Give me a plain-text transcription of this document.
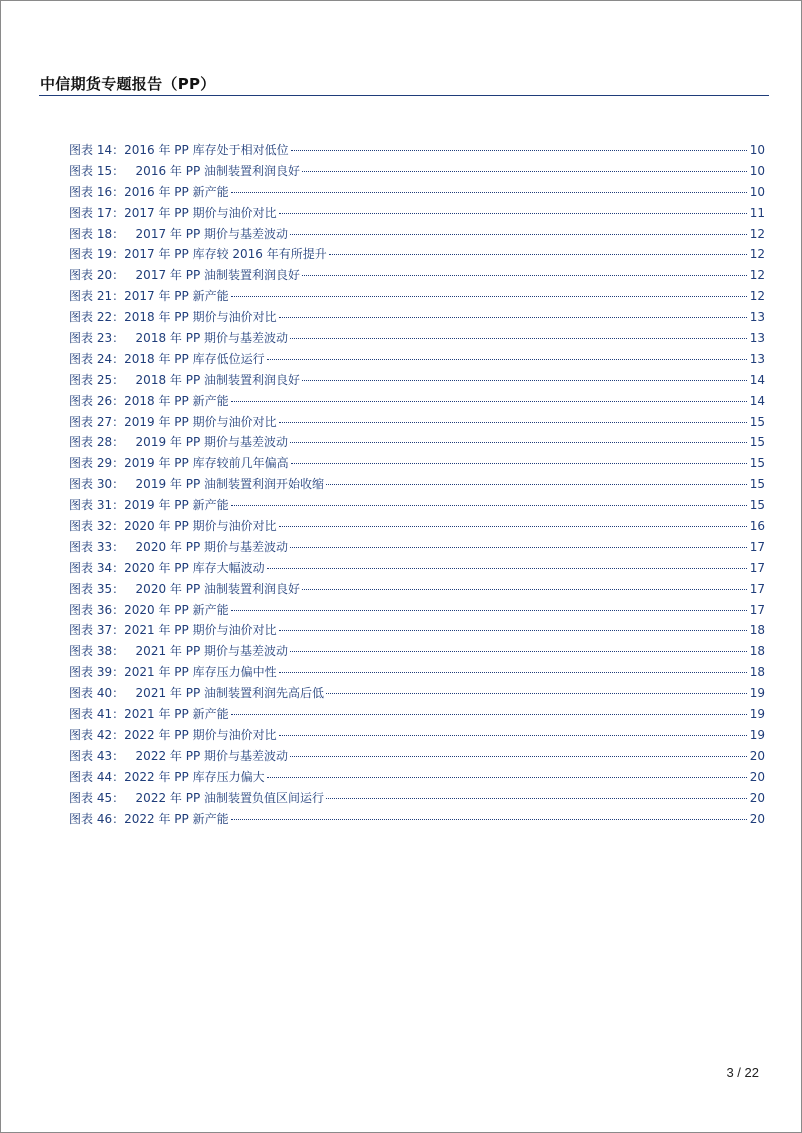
中信期货专题报告（PP）
图表 14 ： 2016 年 PP 库存处于相对低位	10
图表 15 ： 2016 年 PP 油制装置利润良好	10
图表 16 ： 2016 年 PP 新产能	10
图表 17 ： 2017 年 PP 期价与油价对比	11
图表 18 ： 2017 年 PP 期价与基差波动	12
图表 19 ： 2017 年 PP 库存较 2016 年有所提升	12
图表 20 ： 2017 年 PP 油制装置利润良好	12
图表 21 ： 2017 年 PP 新产能	12
图表 22 ： 2018 年 PP 期价与油价对比	13
图表 23 ： 2018 年 PP 期价与基差波动	13
图表 24 ： 2018 年 PP 库存低位运行	13
图表 25 ： 2018 年 PP 油制装置利润良好	14
图表 26 ： 2018 年 PP 新产能	14
图表 27 ： 2019 年 PP 期价与油价对比	15
图表 28 ： 2019 年 PP 期价与基差波动	15
图表 29 ： 2019 年 PP 库存较前几年偏高	15
图表 30 ： 2019 年 PP 油制装置利润开始收缩	15
图表 31 ： 2019 年 PP 新产能	15
图表 32 ： 2020 年 PP 期价与油价对比	16
图表 33 ： 2020 年 PP 期价与基差波动	17
图表 34 ： 2020 年 PP 库存大幅波动	17
图表 35 ： 2020 年 PP 油制装置利润良好	17
图表 36 ： 2020 年 PP 新产能	17
图表 37 ： 2021 年 PP 期价与油价对比	18
图表 38 ： 2021 年 PP 期价与基差波动	18
图表 39 ： 2021 年 PP 库存压力偏中性	18
图表 40 ： 2021 年 PP 油制装置利润先高后低	19
图表 41 ： 2021 年 PP 新产能	19
图表 42 ： 2022 年 PP 期价与油价对比	19
图表 43 ： 2022 年 PP 期价与基差波动	20
图表 44 ： 2022 年 PP 库存压力偏大	20
图表 45 ： 2022 年 PP 油制装置负值区间运行	20
图表 46 ： 2022 年 PP 新产能	20
3 / 22
